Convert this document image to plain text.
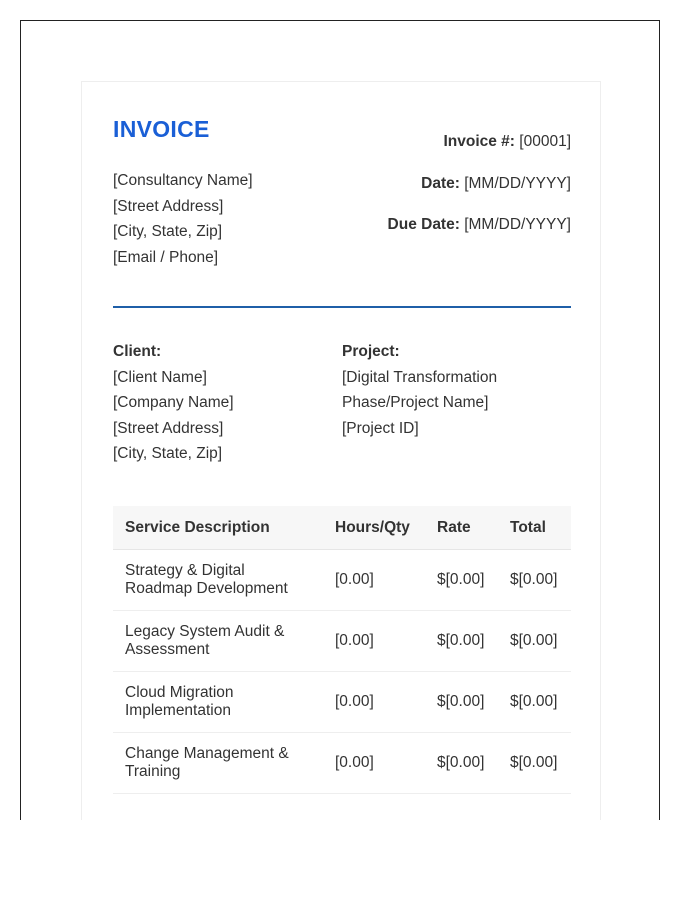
INVOICE
[Consultancy Name]
[Street Address]
[City, State, Zip]
[Email / Phone]
Invoice #: [00001]
Date: [MM/DD/YYYY]
Due Date: [MM/DD/YYYY]
Client:
[Client Name]
[Company Name]
[Street Address]
[City, State, Zip]
Project:
[Digital Transformation
Phase/Project Name]
[Project ID]
Service Description	Hours/Qty	Rate	Total
Strategy & Digital Roadmap Development	[0.00]	$[0.00]	$[0.00]
Legacy System Audit & Assessment	[0.00]	$[0.00]	$[0.00]
Cloud Migration Implementation	[0.00]	$[0.00]	$[0.00]
Change Management & Training	[0.00]	$[0.00]	$[0.00]
